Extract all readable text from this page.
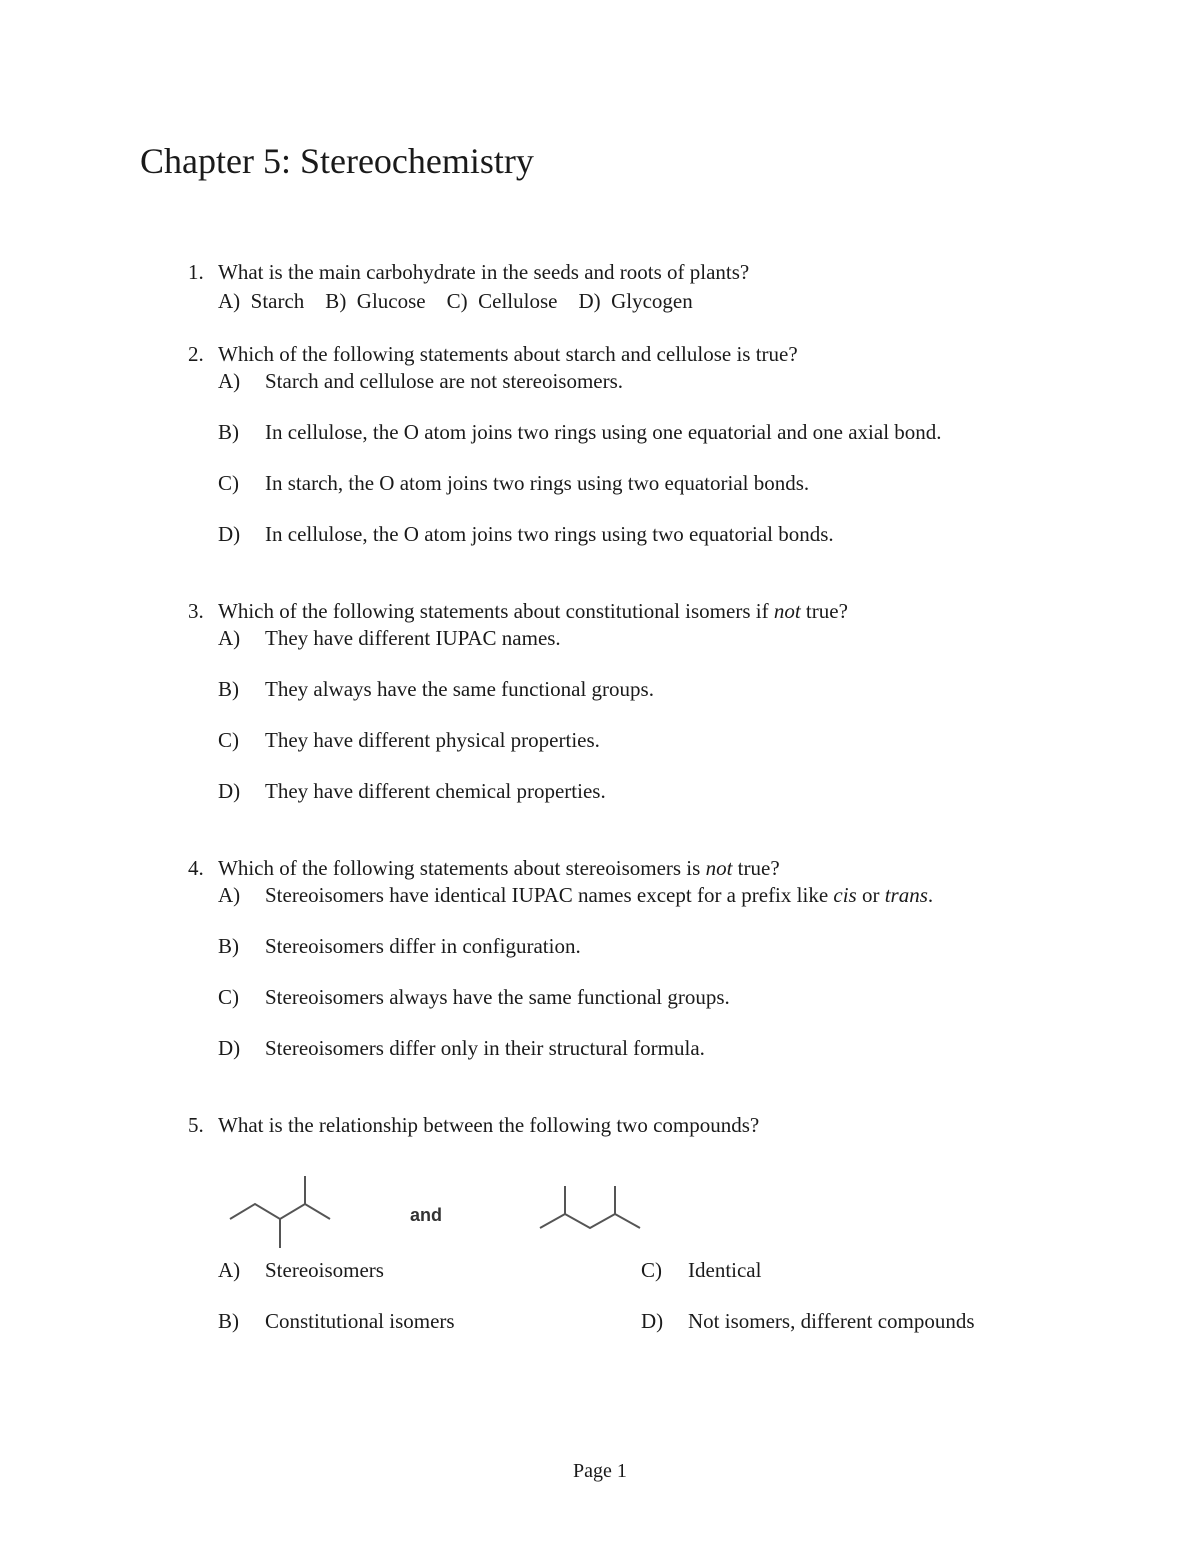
Chapter 5: Stereochemistry
1. What is the main carbohydrate in the seeds and roots of plants?
A)  Starch    B)  Glucose    C)  Cellulose    D)  Glycogen
2. Which of the following statements about starch and cellulose is true?
A) Starch and cellulose are not stereoisomers.
B) In cellulose, the O atom joins two rings using one equatorial and one axial bond.
C) In starch, the O atom joins two rings using two equatorial bonds.
D) In cellulose, the O atom joins two rings using two equatorial bonds.
3. Which of the following statements about constitutional isomers if not true?
A) They have different IUPAC names.
B) They always have the same functional groups.
C) They have different physical properties.
D) They have different chemical properties.
4. Which of the following statements about stereoisomers is not true?
A) Stereoisomers have identical IUPAC names except for a prefix like cis or trans.
B) Stereoisomers differ in configuration.
C) Stereoisomers always have the same functional groups.
D) Stereoisomers differ only in their structural formula.
5. What is the relationship between the following two compounds?
and
A) Stereoisomers
B) Constitutional isomers
C) Identical
D) Not isomers, different compounds
Page 1
